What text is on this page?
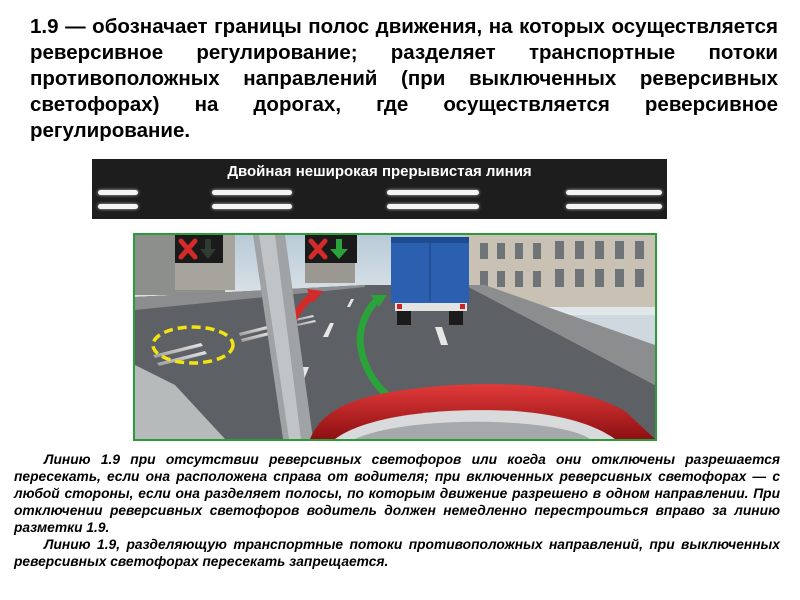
1.9 — обозначает границы полос движения, на которых осуществляется реверсивное регулирование; разделяет транспортные потоки противоположных направлений (при выключенных реверсивных светофорах) на дорогах, где осуществляется реверсивное регулирование.

Двойная неширокая прерывистая линия

Линию 1.9 при отсутствии реверсивных светофоров или когда они отключены разрешается пересекать, если она расположена справа от водителя; при включенных реверсивных светофорах — с любой стороны, если она разделяет полосы, по которым движение разрешено в одном направлении. При отключении реверсивных светофоров водитель должен немедленно перестроиться вправо за линию разметки 1.9.

Линию 1.9, разделяющую транспортные потоки противоположных направлений, при выключенных реверсивных светофорах пересекать запрещается.
